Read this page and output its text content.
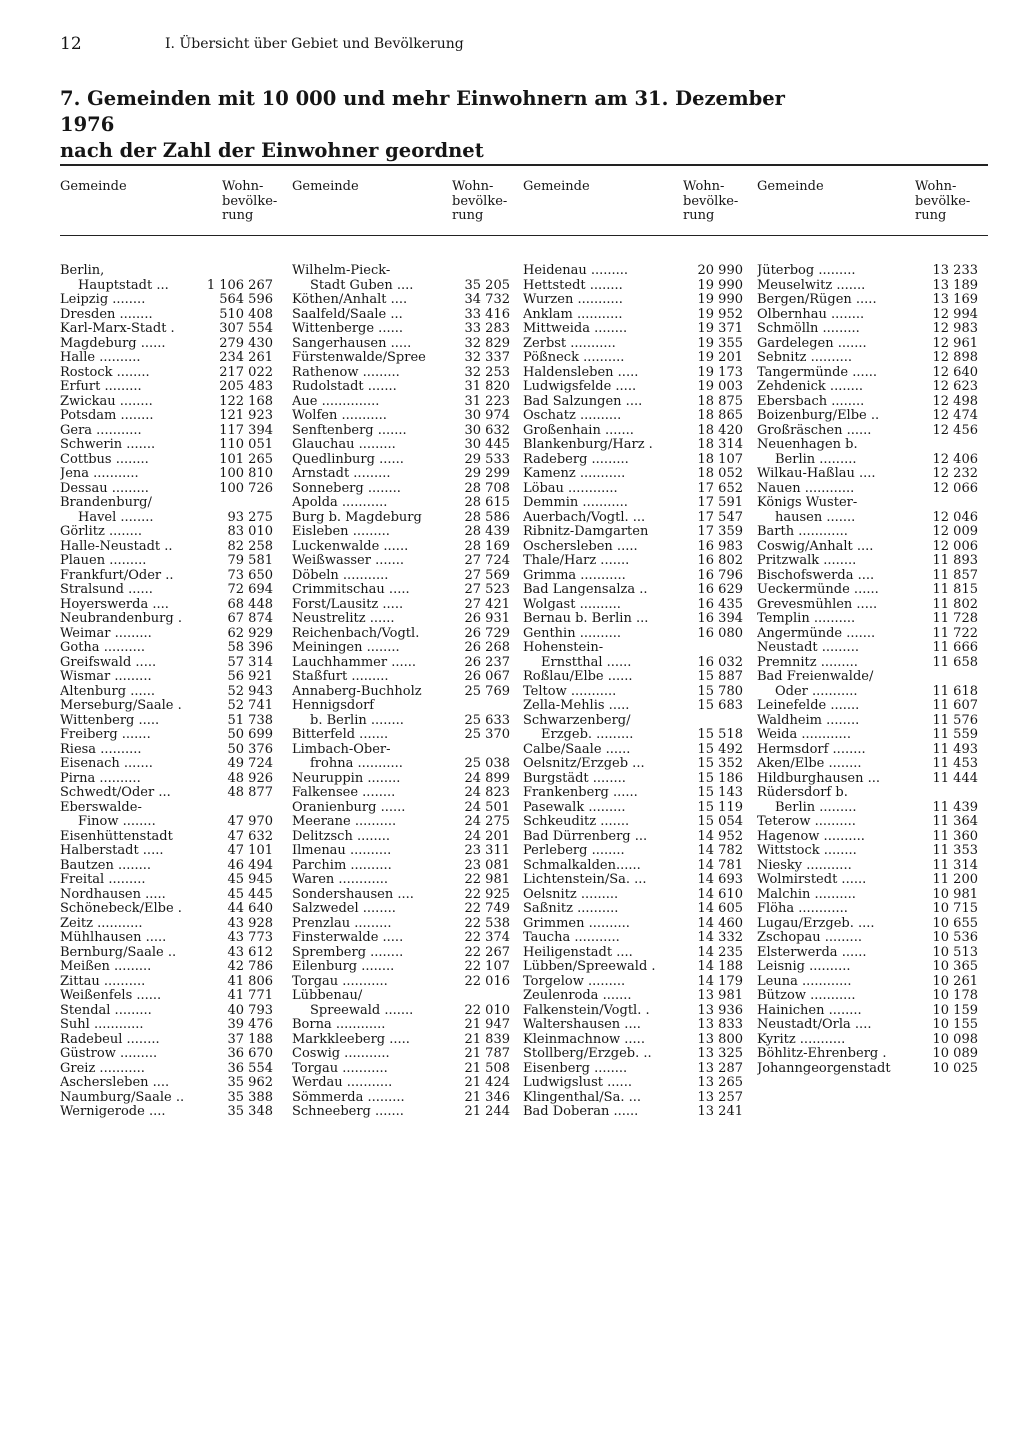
12	I. Übersicht über Gebiet und Bevölkerung
7. Gemeinden mit 10 000 und mehr Einwohnern am 31. Dezember 1976
nach der Zahl der Einwohner geordnet
Gemeinde	Wohn-
bevölke-
rung
Gemeinde	Wohn-
bevölke-
rung
Gemeinde	Wohn-
bevölke-
rung
Gemeinde	Wohn-
bevölke-
rung
Berlin,
Hauptstadt ...	1 106 267
Leipzig ........	564 596
Dresden ........	510 408
Karl-Marx-Stadt .	307 554
Magdeburg ......	279 430
Halle ..........	234 261
Rostock ........	217 022
Erfurt .........	205 483
Zwickau ........	122 168
Potsdam ........	121 923
Gera ...........	117 394
Schwerin .......	110 051
Cottbus ........	101 265
Jena ...........	100 810
Dessau .........	100 726
Brandenburg/
Havel ........	93 275
Görlitz ........	83 010
Halle-Neustadt ..	82 258
Plauen .........	79 581
Frankfurt/Oder ..	73 650
Stralsund ......	72 694
Hoyerswerda ....	68 448
Neubrandenburg .	67 874
Weimar .........	62 929
Gotha ..........	58 396
Greifswald .....	57 314
Wismar .........	56 921
Altenburg ......	52 943
Merseburg/Saale .	52 741
Wittenberg .....	51 738
Freiberg .......	50 699
Riesa ..........	50 376
Eisenach .......	49 724
Pirna ..........	48 926
Schwedt/Oder ...	48 877
Eberswalde-
Finow ........	47 970
Eisenhüttenstadt	47 632
Halberstadt .....	47 101
Bautzen ........	46 494
Freital .........	45 945
Nordhausen .....	45 445
Schönebeck/Elbe .	44 640
Zeitz ...........	43 928
Mühlhausen .....	43 773
Bernburg/Saale ..	43 612
Meißen .........	42 786
Zittau ..........	41 806
Weißenfels ......	41 771
Stendal .........	40 793
Suhl ............	39 476
Radebeul ........	37 188
Güstrow .........	36 670
Greiz ...........	36 554
Aschersleben ....	35 962
Naumburg/Saale ..	35 388
Wernigerode ....	35 348
Wilhelm-Pieck-
Stadt Guben ....	35 205
Köthen/Anhalt ....	34 732
Saalfeld/Saale ...	33 416
Wittenberge ......	33 283
Sangerhausen .....	32 829
Fürstenwalde/Spree	32 337
Rathenow .........	32 253
Rudolstadt .......	31 820
Aue ..............	31 223
Wolfen ...........	30 974
Senftenberg .......	30 632
Glauchau .........	30 445
Quedlinburg ......	29 533
Arnstadt .........	29 299
Sonneberg ........	28 708
Apolda ...........	28 615
Burg b. Magdeburg	28 586
Eisleben .........	28 439
Luckenwalde ......	28 169
Weißwasser .......	27 724
Döbeln ...........	27 569
Crimmitschau .....	27 523
Forst/Lausitz .....	27 421
Neustrelitz ......	26 931
Reichenbach/Vogtl.	26 729
Meiningen ........	26 268
Lauchhammer ......	26 237
Staßfurt .........	26 067
Annaberg-Buchholz	25 769
Hennigsdorf
b. Berlin ........	25 633
Bitterfeld .......	25 370
Limbach-Ober-
frohna ...........	25 038
Neuruppin ........	24 899
Falkensee ........	24 823
Oranienburg ......	24 501
Meerane ..........	24 275
Delitzsch ........	24 201
Ilmenau ..........	23 311
Parchim ..........	23 081
Waren ............	22 981
Sondershausen ....	22 925
Salzwedel ........	22 749
Prenzlau .........	22 538
Finsterwalde .....	22 374
Spremberg ........	22 267
Eilenburg ........	22 107
Torgau ...........	22 016
Lübbenau/
Spreewald .......	22 010
Borna ............	21 947
Markkleeberg .....	21 839
Coswig ...........	21 787
Torgau ...........	21 508
Werdau ...........	21 424
Sömmerda .........	21 346
Schneeberg .......	21 244
Heidenau .........	20 990
Hettstedt ........	19 990
Wurzen ...........	19 990
Anklam ...........	19 952
Mittweida ........	19 371
Zerbst ...........	19 355
Pößneck ..........	19 201
Haldensleben .....	19 173
Ludwigsfelde .....	19 003
Bad Salzungen ....	18 875
Oschatz ..........	18 865
Großenhain .......	18 420
Blankenburg/Harz .	18 314
Radeberg .........	18 107
Kamenz ...........	18 052
Löbau ............	17 652
Demmin ...........	17 591
Auerbach/Vogtl. ...	17 547
Ribnitz-Damgarten	17 359
Oschersleben .....	16 983
Thale/Harz .......	16 802
Grimma ...........	16 796
Bad Langensalza ..	16 629
Wolgast ..........	16 435
Bernau b. Berlin ...	16 394
Genthin ..........	16 080
Hohenstein-
Ernstthal ......	16 032
Roßlau/Elbe ......	15 887
Teltow ...........	15 780
Zella-Mehlis .....	15 683
Schwarzenberg/
Erzgeb. .........	15 518
Calbe/Saale ......	15 492
Oelsnitz/Erzgeb ...	15 352
Burgstädt ........	15 186
Frankenberg ......	15 143
Pasewalk .........	15 119
Schkeuditz .......	15 054
Bad Dürrenberg ...	14 952
Perleberg ........	14 782
Schmalkalden......	14 781
Lichtenstein/Sa. ...	14 693
Oelsnitz .........	14 610
Saßnitz ..........	14 605
Grimmen ..........	14 460
Taucha ...........	14 332
Heiligenstadt ....	14 235
Lübben/Spreewald .	14 188
Torgelow .........	14 179
Zeulenroda .......	13 981
Falkenstein/Vogtl. .	13 936
Waltershausen ....	13 833
Kleinmachnow .....	13 800
Stollberg/Erzgeb. ..	13 325
Eisenberg ........	13 287
Ludwigslust ......	13 265
Klingenthal/Sa. ...	13 257
Bad Doberan ......	13 241
Jüterbog .........	13 233
Meuselwitz .......	13 189
Bergen/Rügen .....	13 169
Olbernhau ........	12 994
Schmölln .........	12 983
Gardelegen .......	12 961
Sebnitz ..........	12 898
Tangermünde ......	12 640
Zehdenick ........	12 623
Ebersbach ........	12 498
Boizenburg/Elbe ..	12 474
Großräschen ......	12 456
Neuenhagen b.
Berlin .........	12 406
Wilkau-Haßlau ....	12 232
Nauen ............	12 066
Königs Wuster-
hausen .......	12 046
Barth ............	12 009
Coswig/Anhalt ....	12 006
Pritzwalk ........	11 893
Bischofswerda ....	11 857
Ueckermünde ......	11 815
Grevesmühlen .....	11 802
Templin ..........	11 728
Angermünde .......	11 722
Neustadt .........	11 666
Premnitz .........	11 658
Bad Freienwalde/
Oder ...........	11 618
Leinefelde .......	11 607
Waldheim ........	11 576
Weida ............	11 559
Hermsdorf ........	11 493
Aken/Elbe ........	11 453
Hildburghausen ...	11 444
Rüdersdorf b.
Berlin .........	11 439
Teterow ..........	11 364
Hagenow ..........	11 360
Wittstock ........	11 353
Niesky ...........	11 314
Wolmirstedt ......	11 200
Malchin ..........	10 981
Flöha ............	10 715
Lugau/Erzgeb. ....	10 655
Zschopau .........	10 536
Elsterwerda ......	10 513
Leisnig ..........	10 365
Leuna ............	10 261
Bützow ...........	10 178
Hainichen ........	10 159
Neustadt/Orla ....	10 155
Kyritz ...........	10 098
Böhlitz-Ehrenberg .	10 089
Johanngeorgenstadt	10 025
